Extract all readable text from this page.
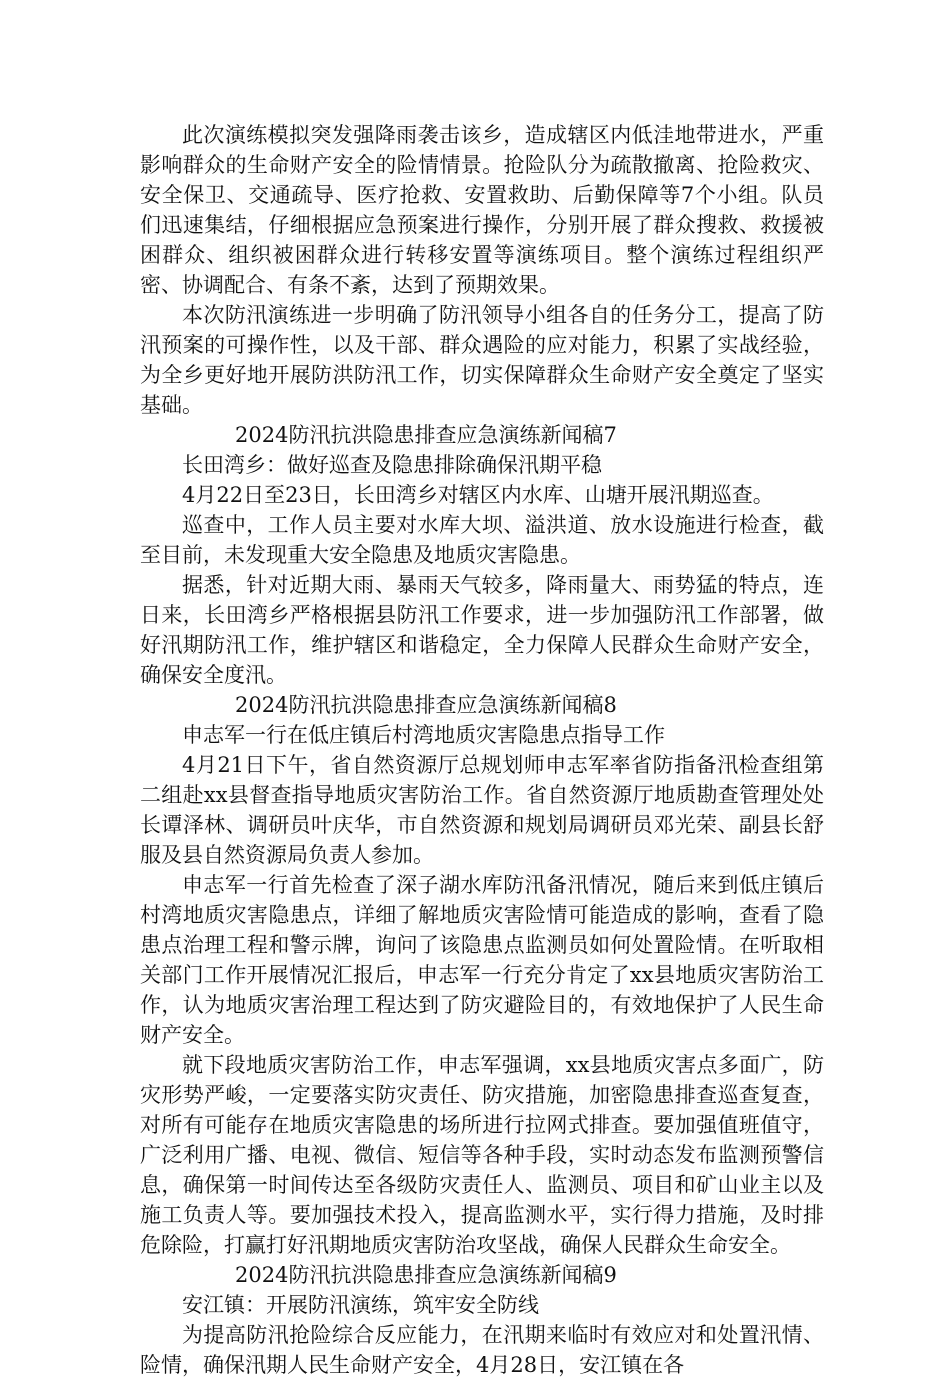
此次演练模拟突发强降雨袭击该乡，造成辖区内低洼地带进水，严重影响群众的生命财产安全的险情情景。抢险队分为疏散撤离、抢险救灾、安全保卫、交通疏导、医疗抢救、安置救助、后勤保障等7个小组。队员们迅速集结，仔细根据应急预案进行操作，分别开展了群众搜救、救援被困群众、组织被困群众进行转移安置等演练项目。整个演练过程组织严密、协调配合、有条不紊，达到了预期效果。

本次防汛演练进一步明确了防汛领导小组各自的任务分工，提高了防汛预案的可操作性，以及干部、群众遇险的应对能力，积累了实战经验，为全乡更好地开展防洪防汛工作，切实保障群众生命财产安全奠定了坚实基础。

2024防汛抗洪隐患排查应急演练新闻稿7

长田湾乡：做好巡查及隐患排除确保汛期平稳

4月22日至23日，长田湾乡对辖区内水库、山塘开展汛期巡查。

巡查中，工作人员主要对水库大坝、溢洪道、放水设施进行检查，截至目前，未发现重大安全隐患及地质灾害隐患。

据悉，针对近期大雨、暴雨天气较多，降雨量大、雨势猛的特点，连日来，长田湾乡严格根据县防汛工作要求，进一步加强防汛工作部署，做好汛期防汛工作，维护辖区和谐稳定，全力保障人民群众生命财产安全，确保安全度汛。

2024防汛抗洪隐患排查应急演练新闻稿8

申志军一行在低庄镇后村湾地质灾害隐患点指导工作

4月21日下午，省自然资源厅总规划师申志军率省防指备汛检查组第二组赴xx县督查指导地质灾害防治工作。省自然资源厅地质勘查管理处处长谭泽林、调研员叶庆华，市自然资源和规划局调研员邓光荣、副县长舒服及县自然资源局负责人参加。

申志军一行首先检查了深子湖水库防汛备汛情况，随后来到低庄镇后村湾地质灾害隐患点，详细了解地质灾害险情可能造成的影响，查看了隐患点治理工程和警示牌，询问了该隐患点监测员如何处置险情。在听取相关部门工作开展情况汇报后，申志军一行充分肯定了xx县地质灾害防治工作，认为地质灾害治理工程达到了防灾避险目的，有效地保护了人民生命财产安全。

就下段地质灾害防治工作，申志军强调，xx县地质灾害点多面广，防灾形势严峻，一定要落实防灾责任、防灾措施，加密隐患排查巡查复查，对所有可能存在地质灾害隐患的场所进行拉网式排查。要加强值班值守，广泛利用广播、电视、微信、短信等各种手段，实时动态发布监测预警信息，确保第一时间传达至各级防灾责任人、监测员、项目和矿山业主以及施工负责人等。要加强技术投入，提高监测水平，实行得力措施，及时排危除险，打赢打好汛期地质灾害防治攻坚战，确保人民群众生命安全。

2024防汛抗洪隐患排查应急演练新闻稿9

安江镇：开展防汛演练，筑牢安全防线

为提高防汛抢险综合反应能力，在汛期来临时有效应对和处置汛情、险情，确保汛期人民生命财产安全，4月28日，安江镇在各
